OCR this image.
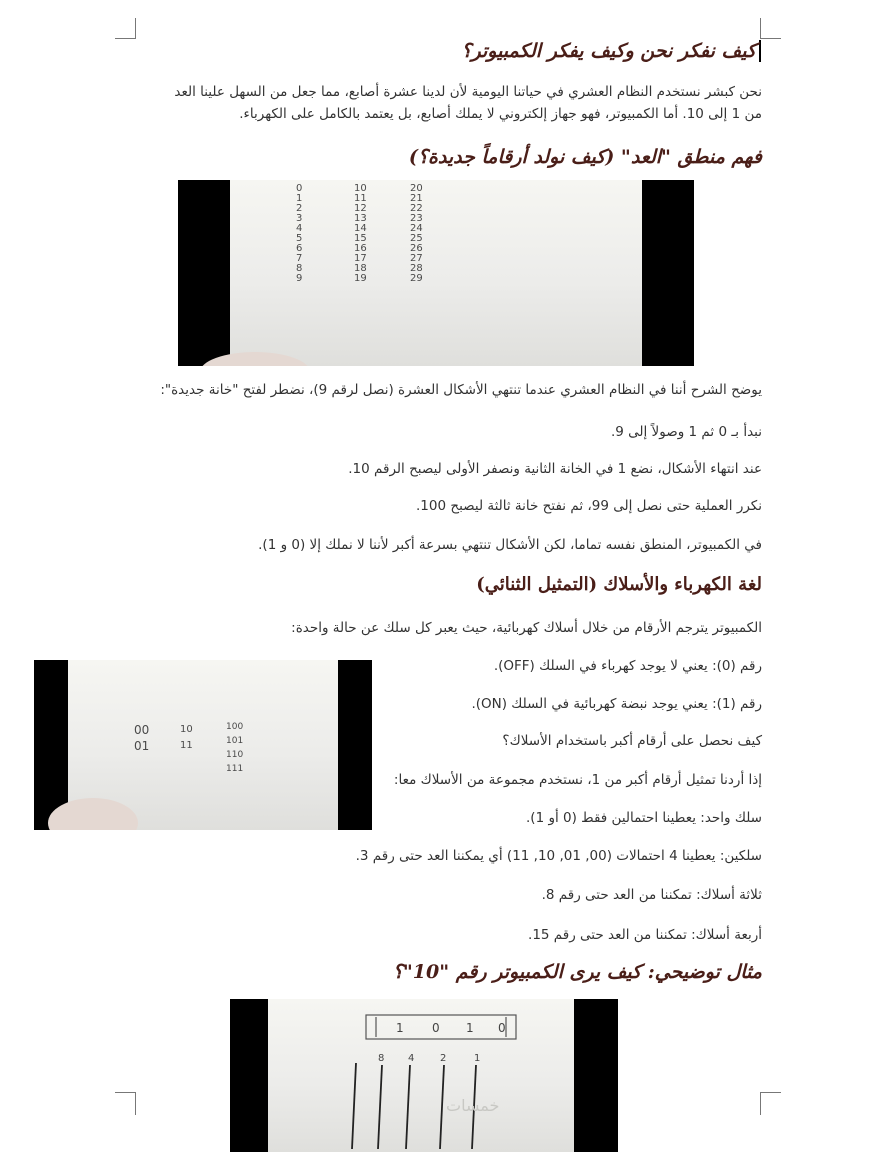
كيف نفكر نحن وكيف يفكر الكمبيوتر؟
نحن كبشر نستخدم النظام العشري في حياتنا اليومية لأن لدينا عشرة أصابع، مما جعل من السهل علينا العد
من 1 إلى 10. أما الكمبيوتر، فهو جهاز إلكتروني لا يملك أصابع، بل يعتمد بالكامل على الكهرباء.
فهم منطق "العد" (كيف نولد أرقاماً جديدة؟)
0
1
2
3
4
5
6
7
8
9
10
11
12
13
14
15
16
17
18
19
20
21
22
23
24
25
26
27
28
29
يوضح الشرح أننا في النظام العشري عندما تنتهي الأشكال العشرة (نصل لرقم 9)، نضطر لفتح "خانة جديدة":
نبدأ بـ 0 ثم 1 وصولاً إلى 9.
عند انتهاء الأشكال، نضع 1 في الخانة الثانية ونصفر الأولى ليصبح الرقم 10.
نكرر العملية حتى نصل إلى 99، ثم نفتح خانة ثالثة ليصبح 100.
في الكمبيوتر، المنطق نفسه تماما، لكن الأشكال تنتهي بسرعة أكبر لأننا لا نملك إلا (0 و 1).
لغة الكهرباء والأسلاك (التمثيل الثنائي)
الكمبيوتر يترجم الأرقام من خلال أسلاك كهربائية، حيث يعبر كل سلك عن حالة واحدة:
00
01
10
11
100
101
110
111
رقم (0): يعني لا يوجد كهرباء في السلك (OFF).
رقم (1): يعني يوجد نبضة كهربائية في السلك (ON).
كيف نحصل على أرقام أكبر باستخدام الأسلاك؟
إذا أردنا تمثيل أرقام أكبر من 1، نستخدم مجموعة من الأسلاك معا:
سلك واحد: يعطينا احتمالين فقط (0 أو 1).
سلكين: يعطينا 4 احتمالات (00, 01, 10, 11) أي يمكننا العد حتى رقم 3.
ثلاثة أسلاك: تمكننا من العد حتى رقم 8.
أربعة أسلاك: تمكننا من العد حتى رقم 15.
مثال توضيحي: كيف يرى الكمبيوتر رقم "10"؟
1 0 1 0
8 4	2	1
خمسات
